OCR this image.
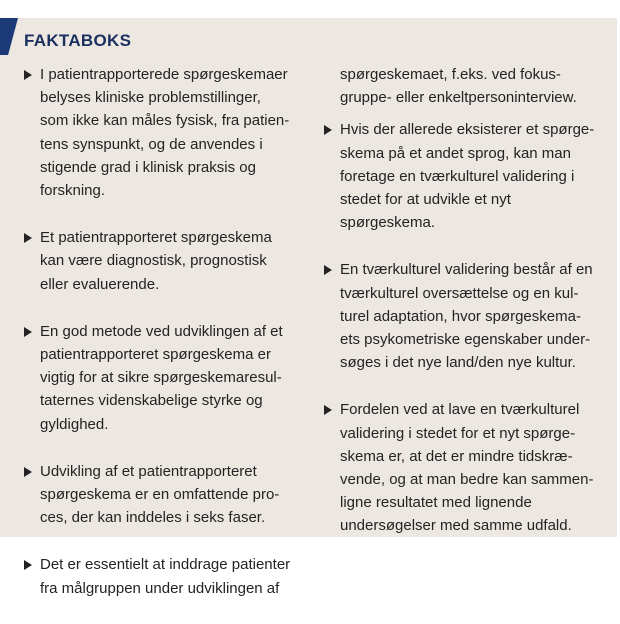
FAKTABOKS
I patientrapporterede spørgeskemaer
belyses kliniske problemstillinger,
som ikke kan måles fysisk, fra patien-
tens synspunkt, og de anvendes i
stigende grad i klinisk praksis og
forskning.
Et patientrapporteret spørgeskema
kan være diagnostisk, prognostisk
eller evaluerende.
En god metode ved udviklingen af et
patientrapporteret spørgeskema er
vigtig for at sikre spørgeskemaresul-
taternes videnskabelige styrke og
gyldighed.
Udvikling af et patientrapporteret
spørgeskema er en omfattende pro-
ces, der kan inddeles i seks faser.
Det er essentielt at inddrage patienter
fra målgruppen under udviklingen af
spørgeskemaet, f.eks. ved fokus-
gruppe- eller enkeltpersoninterview.
Hvis der allerede eksisterer et spørge-
skema på et andet sprog, kan man
foretage en tværkulturel validering i
stedet for at udvikle et nyt
spørgeskema.
En tværkulturel validering består af en
tværkulturel oversættelse og en kul-
turel adaptation, hvor spørgeskema-
ets psykometriske egenskaber under-
søges i det nye land/den nye kultur.
Fordelen ved at lave en tværkulturel
validering i stedet for et nyt spørge-
skema er, at det er mindre tidskræ-
vende, og at man bedre kan sammen-
ligne resultatet med lignende
undersøgelser med samme udfald.
